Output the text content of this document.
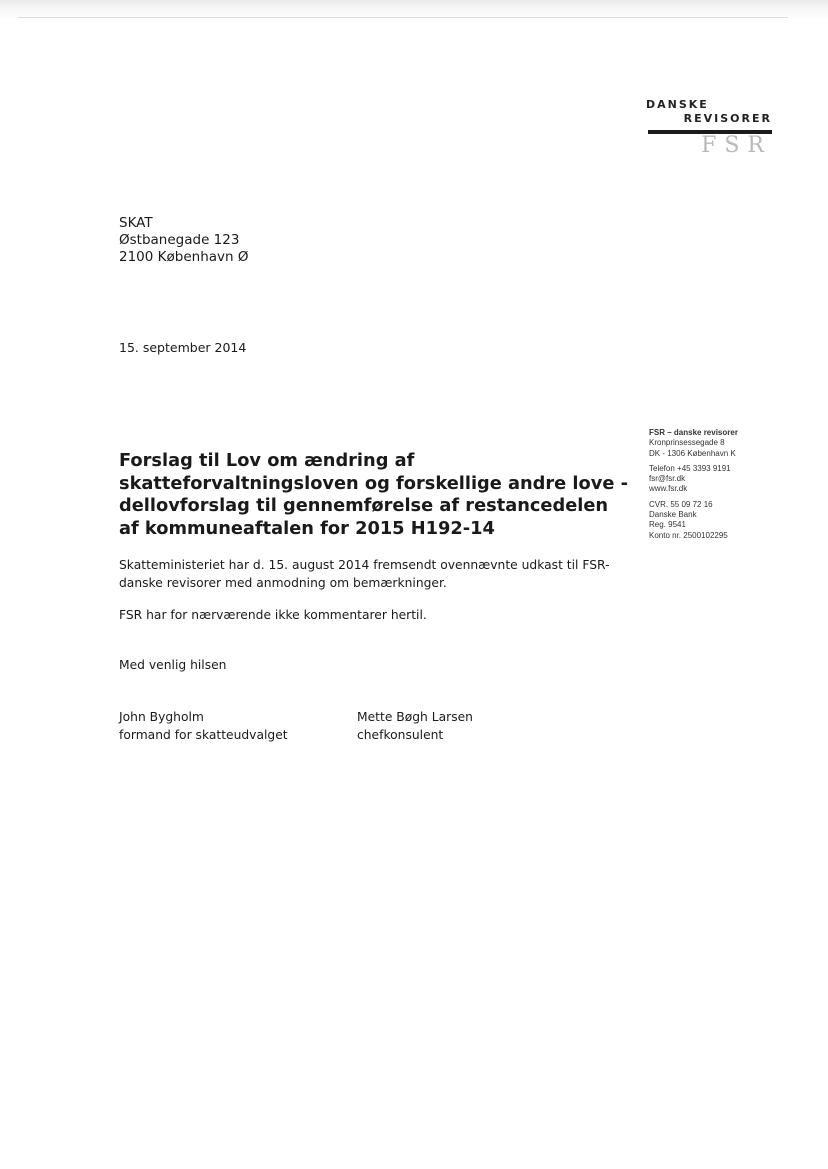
DANSKE
REVISORER
FSR
SKAT
Østbanegade 123
2100 København Ø
15. september 2014
FSR – danske revisorer
Kronprinsessegade 8
DK - 1306 København K
Telefon +45 3393 9191
fsr@fsr.dk
www.fsr.dk
CVR. 55 09 72 16
Danske Bank
Reg. 9541
Konto nr. 2500102295
Forslag til Lov om ændring af
skatteforvaltningsloven og forskellige andre love -
dellovforslag til gennemførelse af restancedelen
af kommuneaftalen for 2015 H192-14
Skatteministeriet har d. 15. august 2014 fremsendt ovennævnte udkast til FSR-
danske revisorer med anmodning om bemærkninger.
FSR har for nærværende ikke kommentarer hertil.
Med venlig hilsen
John Bygholm
formand for skatteudvalget
Mette Bøgh Larsen
chefkonsulent
